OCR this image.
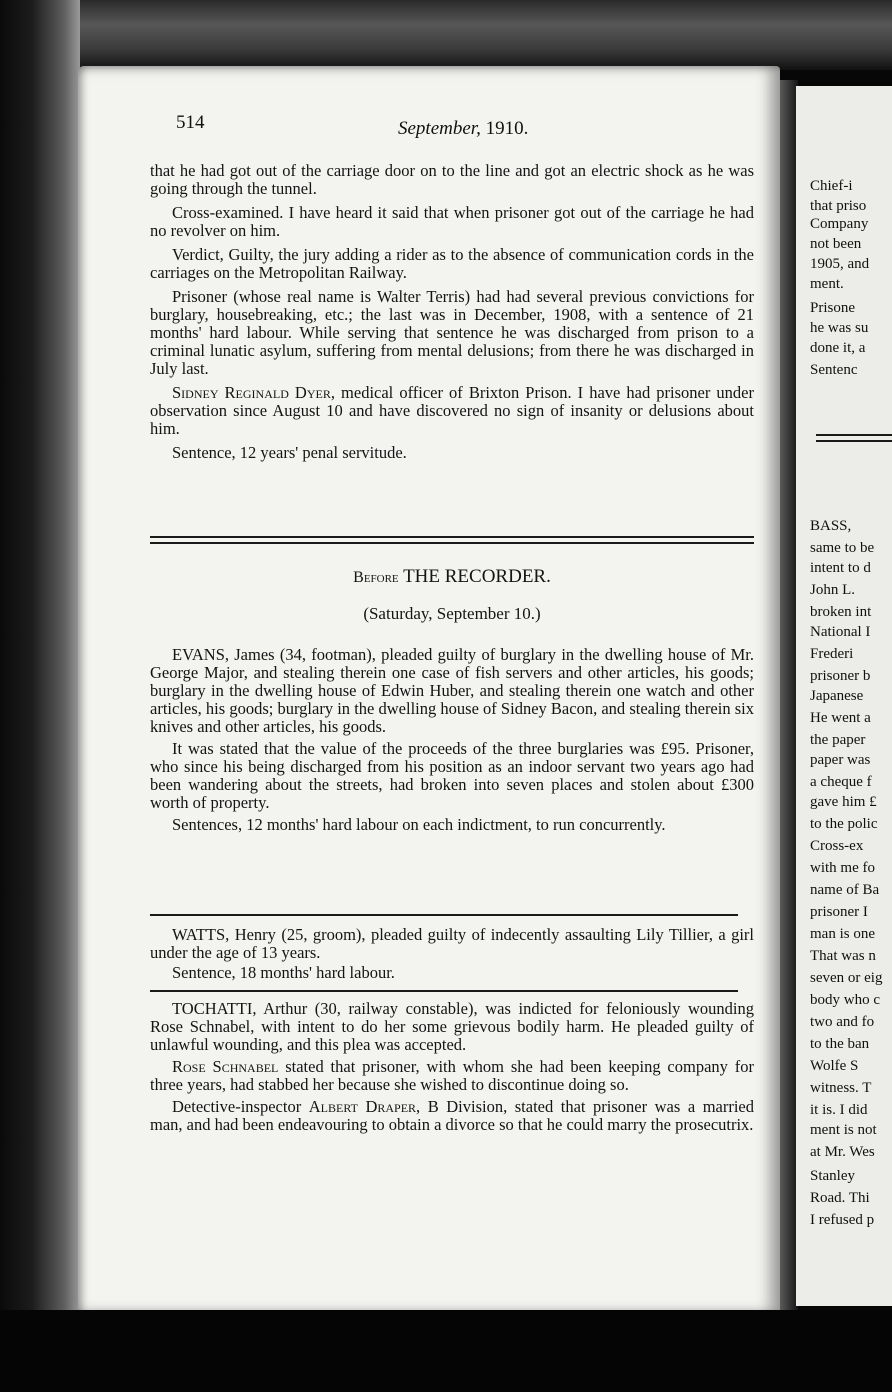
Chief-i
that priso
Company
not been
1905, and
ment.
Prisone
he was su
done it, a
Sentenc
BASS,
same to be
intent to d
John L.
broken int
National I
Frederi
prisoner b
Japanese
He went a
the paper
paper was
a cheque f
gave him £
to the polic
Cross-ex
with me fo
name of Ba
prisoner I
man is one
That was n
seven or eig
body who c
two and fo
to the ban
Wolfe S
witness. T
it is. I did
ment is not
at Mr. Wes
Stanley
Road. Thi
I refused p
514	September, 1910.

that he had got out of the carriage door on to the line and got an electric shock as he was going through the tunnel.

Cross-examined. I have heard it said that when prisoner got out of the carriage he had no revolver on him.

Verdict, Guilty, the jury adding a rider as to the absence of communication cords in the carriages on the Metropolitan Railway.

Prisoner (whose real name is Walter Terris) had had several previous convictions for burglary, housebreaking, etc.; the last was in December, 1908, with a sentence of 21 months' hard labour. While serving that sentence he was discharged from prison to a criminal lunatic asylum, suffering from mental delusions; from there he was discharged in July last.

Sidney Reginald Dyer, medical officer of Brixton Prison. I have had prisoner under observation since August 10 and have discovered no sign of insanity or delusions about him.

Sentence, 12 years' penal servitude.

Before THE RECORDER.
(Saturday, September 10.)

EVANS, James (34, footman), pleaded guilty of burglary in the dwelling house of Mr. George Major, and stealing therein one case of fish servers and other articles, his goods; burglary in the dwelling house of Edwin Huber, and stealing therein one watch and other articles, his goods; burglary in the dwelling house of Sidney Bacon, and stealing therein six knives and other articles, his goods.

It was stated that the value of the proceeds of the three burglaries was £95. Prisoner, who since his being discharged from his position as an indoor servant two years ago had been wandering about the streets, had broken into seven places and stolen about £300 worth of property.

Sentences, 12 months' hard labour on each indictment, to run concurrently.

WATTS, Henry (25, groom), pleaded guilty of indecently assaulting Lily Tillier, a girl under the age of 13 years.

Sentence, 18 months' hard labour.

TOCHATTI, Arthur (30, railway constable), was indicted for feloniously wounding Rose Schnabel, with intent to do her some grievous bodily harm. He pleaded guilty of unlawful wounding, and this plea was accepted.

Rose Schnabel stated that prisoner, with whom she had been keeping company for three years, had stabbed her because she wished to discontinue doing so.

Detective-inspector Albert Draper, B Division, stated that prisoner was a married man, and had been endeavouring to obtain a divorce so that he could marry the prosecutrix.
